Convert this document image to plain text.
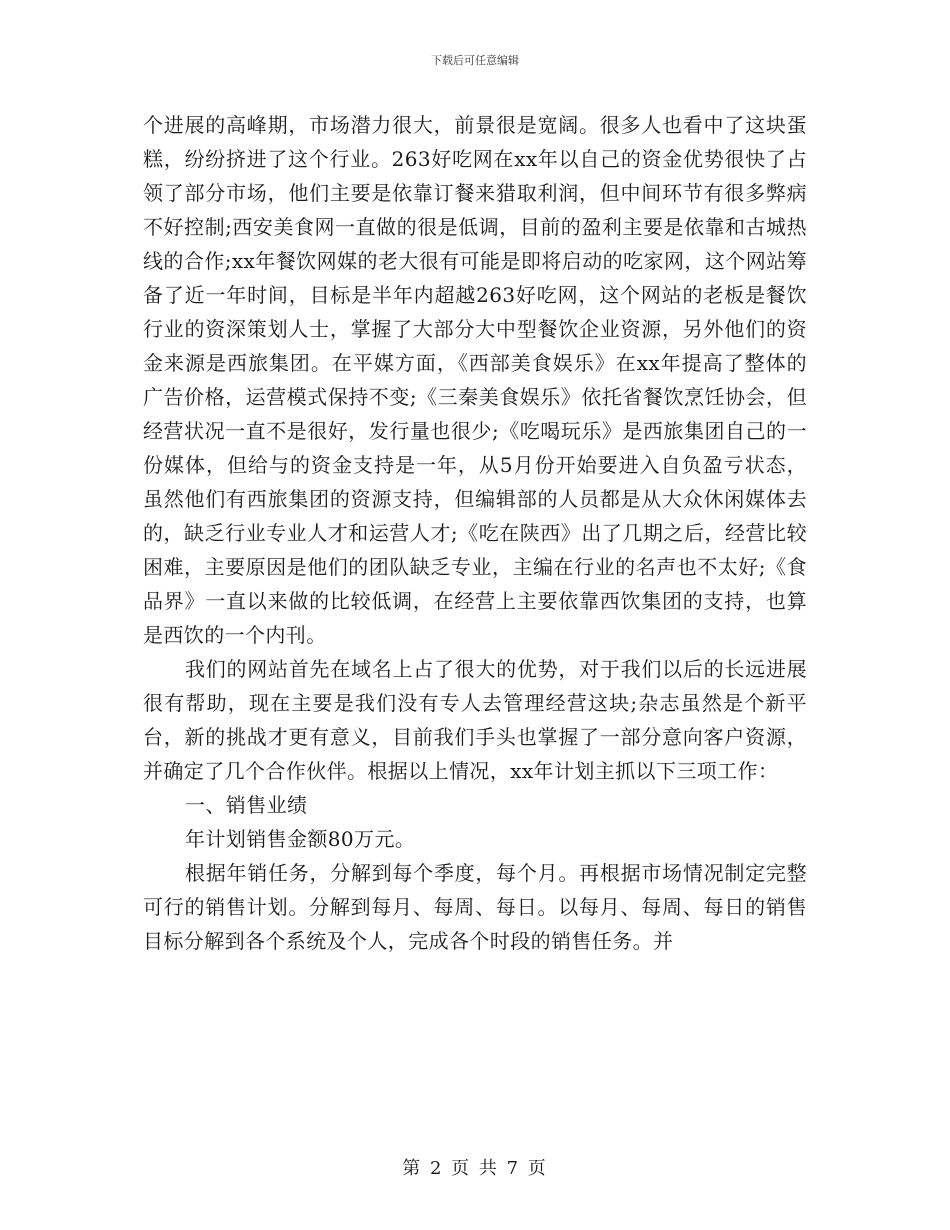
下载后可任意编辑

个进展的高峰期，市场潜力很大，前景很是宽阔。很多人也看中了这块蛋糕，纷纷挤进了这个行业。263好吃网在xx年以自己的资金优势很快了占领了部分市场，他们主要是依靠订餐来猎取利润，但中间环节有很多弊病不好控制;西安美食网一直做的很是低调，目前的盈利主要是依靠和古城热线的合作;xx年餐饮网媒的老大很有可能是即将启动的吃家网，这个网站筹备了近一年时间，目标是半年内超越263好吃网，这个网站的老板是餐饮行业的资深策划人士，掌握了大部分大中型餐饮企业资源，另外他们的资金来源是西旅集团。在平媒方面，《西部美食娱乐》在xx年提高了整体的广告价格，运营模式保持不变;《三秦美食娱乐》依托省餐饮烹饪协会，但经营状况一直不是很好，发行量也很少;《吃喝玩乐》是西旅集团自己的一份媒体，但给与的资金支持是一年，从5月份开始要进入自负盈亏状态，虽然他们有西旅集团的资源支持，但编辑部的人员都是从大众休闲媒体去的，缺乏行业专业人才和运营人才;《吃在陕西》出了几期之后，经营比较困难，主要原因是他们的团队缺乏专业，主编在行业的名声也不太好;《食品界》一直以来做的比较低调，在经营上主要依靠西饮集团的支持，也算是西饮的一个内刊。

我们的网站首先在域名上占了很大的优势，对于我们以后的长远进展很有帮助，现在主要是我们没有专人去管理经营这块;杂志虽然是个新平台，新的挑战才更有意义，目前我们手头也掌握了一部分意向客户资源，并确定了几个合作伙伴。根据以上情况，xx年计划主抓以下三项工作：

一、销售业绩

年计划销售金额80万元。

根据年销任务，分解到每个季度，每个月。再根据市场情况制定完整可行的销售计划。分解到每月、每周、每日。以每月、每周、每日的销售目标分解到各个系统及个人，完成各个时段的销售任务。并

第 2 页 共 7 页
